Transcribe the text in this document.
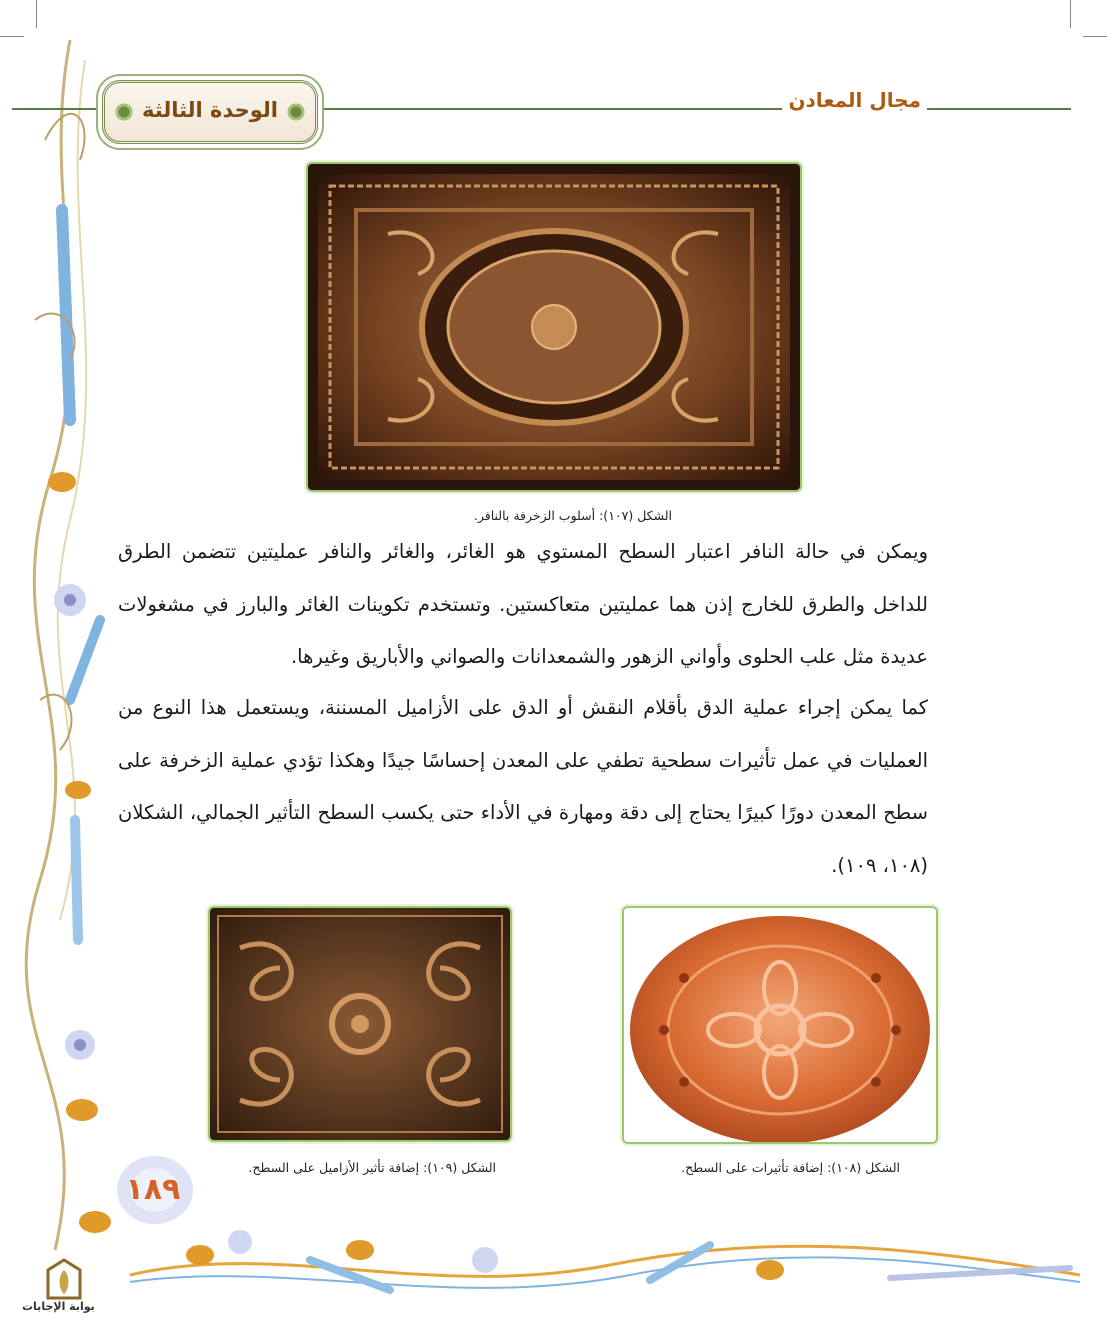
الوحدة الثالثة	مجال المعادن
الشكل (١٠٧): أسلوب الزخرفة بالنافر.

ويمكن في حالة النافر اعتبار السطح المستوي هو الغائر، والغائر والنافر عمليتين تتضمن الطرق للداخل والطرق للخارج إذن هما عمليتين متعاكستين. وتستخدم تكوينات الغائر والبارز في مشغولات عديدة مثل علب الحلوى وأواني الزهور والشمعدانات والصواني والأباريق وغيرها.

كما يمكن إجراء عملية الدق بأقلام النقش أو الدق على الأزاميل المسننة، ويستعمل هذا النوع من العمليات في عمل تأثيرات سطحية تطفي على المعدن إحساسًا جيدًا وهكذا تؤدي عملية الزخرفة على سطح المعدن دورًا كبيرًا يحتاج إلى دقة ومهارة في الأداء حتى يكسب السطح التأثير الجمالي، الشكلان (١٠٨، ١٠٩).

الشكل (١٠٩): إضافة تأثير الأزاميل على السطح.	الشكل (١٠٨): إضافة تأثيرات على السطح.
١٨٩
بوابة الإجابات
